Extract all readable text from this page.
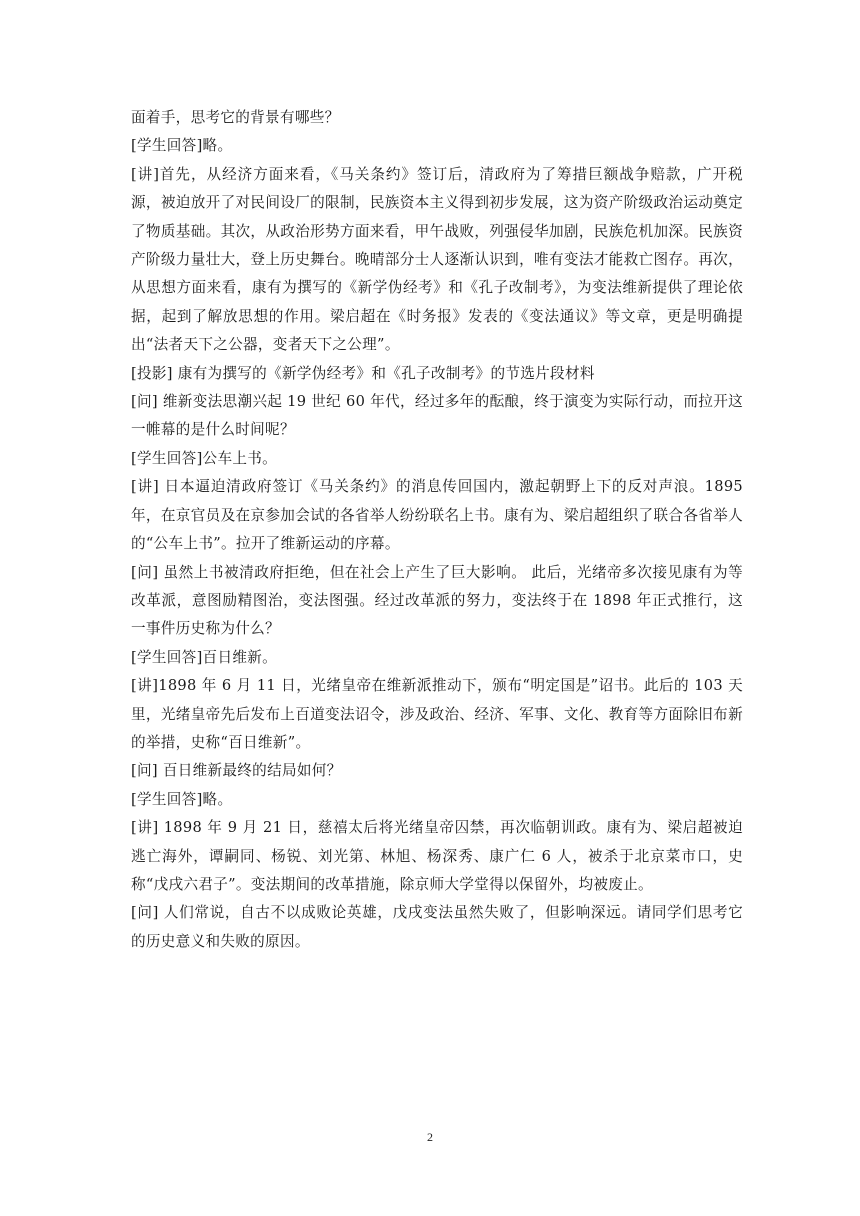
面着手，思考它的背景有哪些？

[学生回答]略。

[讲]首先，从经济方面来看，《马关条约》签订后，清政府为了筹措巨额战争赔款，广开税源，被迫放开了对民间设厂的限制，民族资本主义得到初步发展，这为资产阶级政治运动奠定了物质基础。其次，从政治形势方面来看，甲午战败，列强侵华加剧，民族危机加深。民族资产阶级力量壮大，登上历史舞台。晚晴部分士人逐渐认识到，唯有变法才能救亡图存。再次，从思想方面来看，康有为撰写的《新学伪经考》和《孔子改制考》，为变法维新提供了理论依据，起到了解放思想的作用。梁启超在《时务报》发表的《变法通议》等文章，更是明确提出“法者天下之公器，变者天下之公理”。

[投影] 康有为撰写的《新学伪经考》和《孔子改制考》的节选片段材料

[问] 维新变法思潮兴起 19 世纪 60 年代，经过多年的酝酿，终于演变为实际行动，而拉开这一帷幕的是什么时间呢？

[学生回答]公车上书。

[讲] 日本逼迫清政府签订《马关条约》的消息传回国内，激起朝野上下的反对声浪。1895 年，在京官员及在京参加会试的各省举人纷纷联名上书。康有为、梁启超组织了联合各省举人的“公车上书”。拉开了维新运动的序幕。

[问] 虽然上书被清政府拒绝，但在社会上产生了巨大影响。 此后，光绪帝多次接见康有为等改革派，意图励精图治，变法图强。经过改革派的努力，变法终于在 1898 年正式推行，这一事件历史称为什么？

[学生回答]百日维新。

[讲]1898 年 6 月 11 日，光绪皇帝在维新派推动下，颁布“明定国是”诏书。此后的 103 天里，光绪皇帝先后发布上百道变法诏令，涉及政治、经济、军事、文化、教育等方面除旧布新的举措，史称“百日维新”。

[问] 百日维新最终的结局如何？

[学生回答]略。

[讲] 1898 年 9 月 21 日，慈禧太后将光绪皇帝囚禁，再次临朝训政。康有为、梁启超被迫逃亡海外，谭嗣同、杨锐、刘光第、林旭、杨深秀、康广仁 6 人，被杀于北京菜市口，史称“戊戌六君子”。变法期间的改革措施，除京师大学堂得以保留外，均被废止。

[问] 人们常说，自古不以成败论英雄，戊戌变法虽然失败了，但影响深远。请同学们思考它的历史意义和失败的原因。

2
